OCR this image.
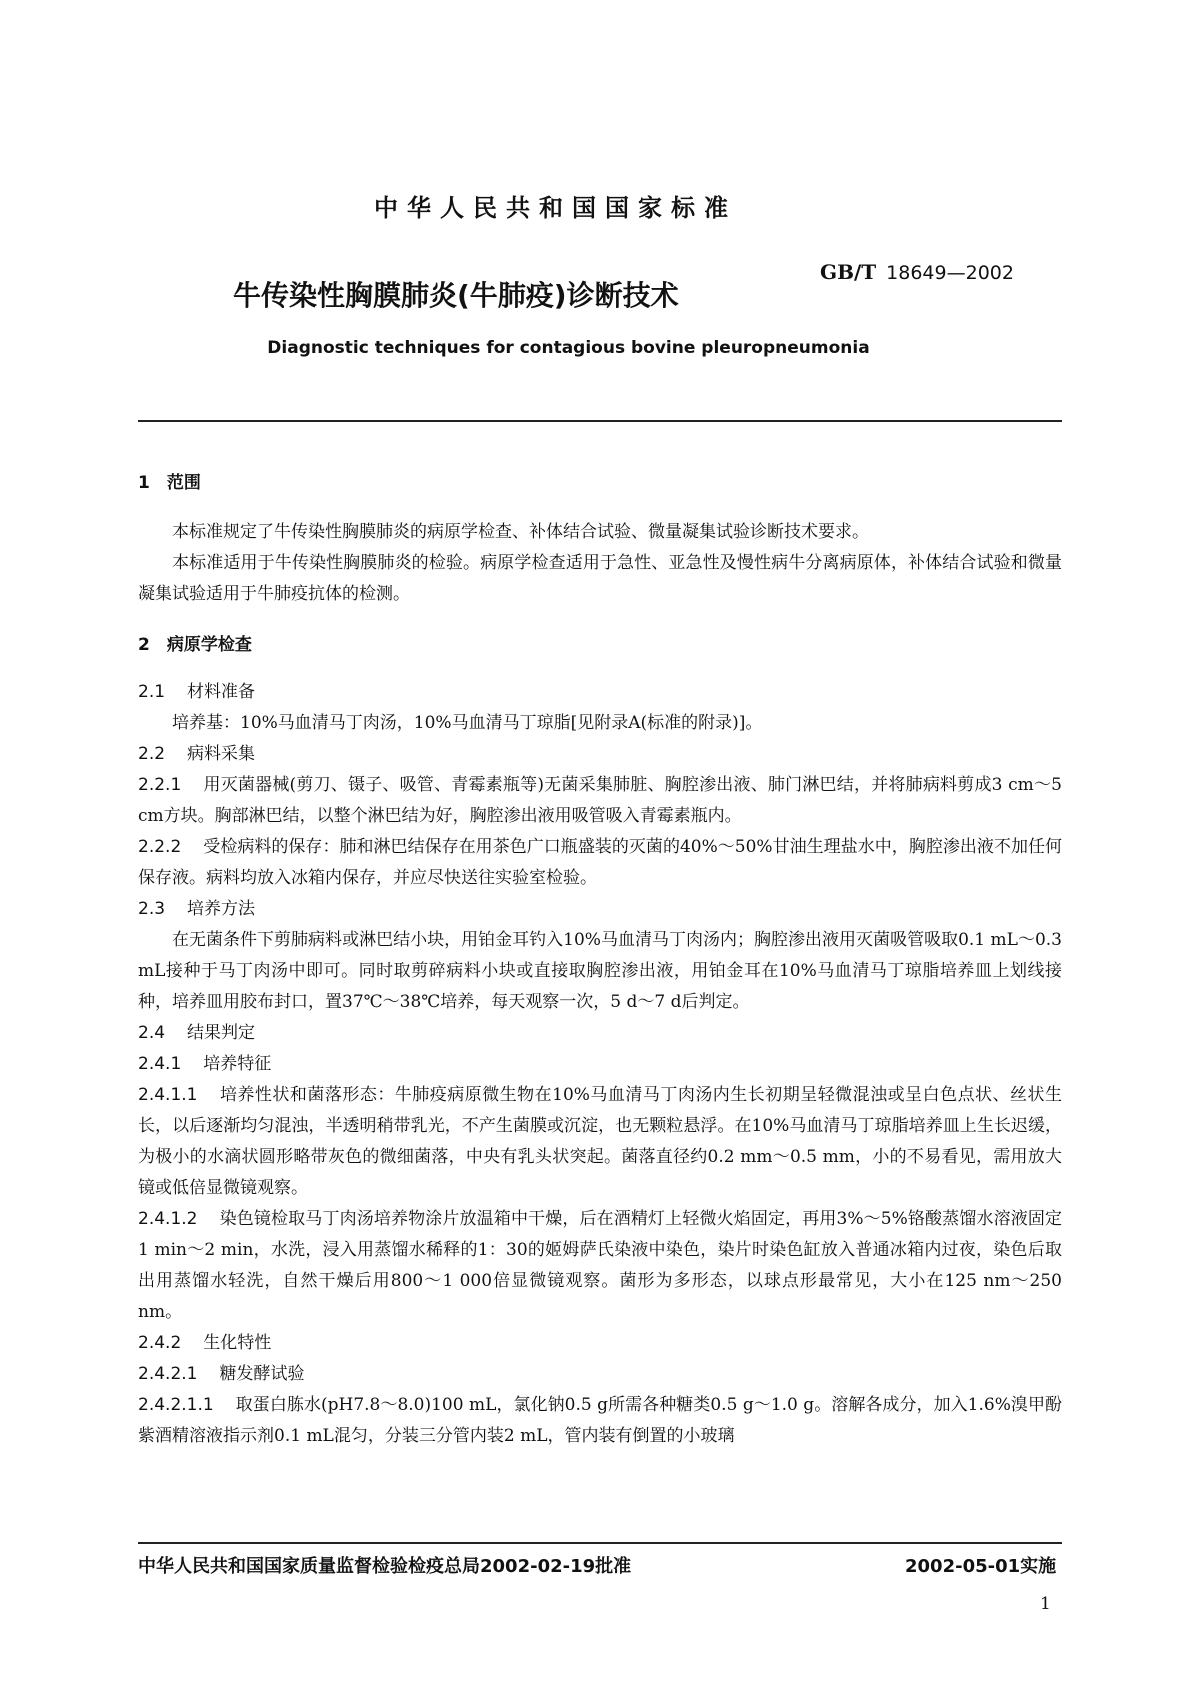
中华人民共和国国家标准
GB/T 18649—2002
牛传染性胸膜肺炎(牛肺疫)诊断技术
Diagnostic techniques for contagious bovine pleuropneumonia

1　范围

本标准规定了牛传染性胸膜肺炎的病原学检查、补体结合试验、微量凝集试验诊断技术要求。

本标准适用于牛传染性胸膜肺炎的检验。病原学检查适用于急性、亚急性及慢性病牛分离病原体，补体结合试验和微量凝集试验适用于牛肺疫抗体的检测。

2　病原学检查

2.1 材料准备

培养基：10%马血清马丁肉汤，10%马血清马丁琼脂[见附录A(标准的附录)]。

2.2 病料采集

2.2.1 用灭菌器械(剪刀、镊子、吸管、青霉素瓶等)无菌采集肺脏、胸腔渗出液、肺门淋巴结，并将肺病料剪成3 cm～5 cm方块。胸部淋巴结，以整个淋巴结为好，胸腔渗出液用吸管吸入青霉素瓶内。

2.2.2 受检病料的保存：肺和淋巴结保存在用茶色广口瓶盛装的灭菌的40%～50%甘油生理盐水中，胸腔渗出液不加任何保存液。病料均放入冰箱内保存，并应尽快送往实验室检验。

2.3 培养方法

在无菌条件下剪肺病料或淋巴结小块，用铂金耳钓入10%马血清马丁肉汤内；胸腔渗出液用灭菌吸管吸取0.1 mL～0.3 mL接种于马丁肉汤中即可。同时取剪碎病料小块或直接取胸腔渗出液，用铂金耳在10%马血清马丁琼脂培养皿上划线接种，培养皿用胶布封口，置37℃～38℃培养，每天观察一次，5 d～7 d后判定。

2.4 结果判定

2.4.1 培养特征

2.4.1.1 培养性状和菌落形态：牛肺疫病原微生物在10%马血清马丁肉汤内生长初期呈轻微混浊或呈白色点状、丝状生长，以后逐渐均匀混浊，半透明稍带乳光，不产生菌膜或沉淀，也无颗粒悬浮。在10%马血清马丁琼脂培养皿上生长迟缓，为极小的水滴状圆形略带灰色的微细菌落，中央有乳头状突起。菌落直径约0.2 mm～0.5 mm，小的不易看见，需用放大镜或低倍显微镜观察。

2.4.1.2 染色镜检取马丁肉汤培养物涂片放温箱中干燥，后在酒精灯上轻微火焰固定，再用3%～5%铬酸蒸馏水溶液固定1 min～2 min，水洗，浸入用蒸馏水稀释的1：30的姬姆萨氏染液中染色，染片时染色缸放入普通冰箱内过夜，染色后取出用蒸馏水轻洗，自然干燥后用800～1 000倍显微镜观察。菌形为多形态，以球点形最常见，大小在125 nm～250 nm。

2.4.2 生化特性

2.4.2.1 糖发酵试验

2.4.2.1.1 取蛋白胨水(pH7.8～8.0)100 mL，氯化钠0.5 g所需各种糖类0.5 g～1.0 g。溶解各成分，加入1.6%溴甲酚紫酒精溶液指示剂0.1 mL混匀，分装三分管内装2 mL，管内装有倒置的小玻璃

中华人民共和国国家质量监督检验检疫总局2002-02-19批准	2002-05-01实施
1
